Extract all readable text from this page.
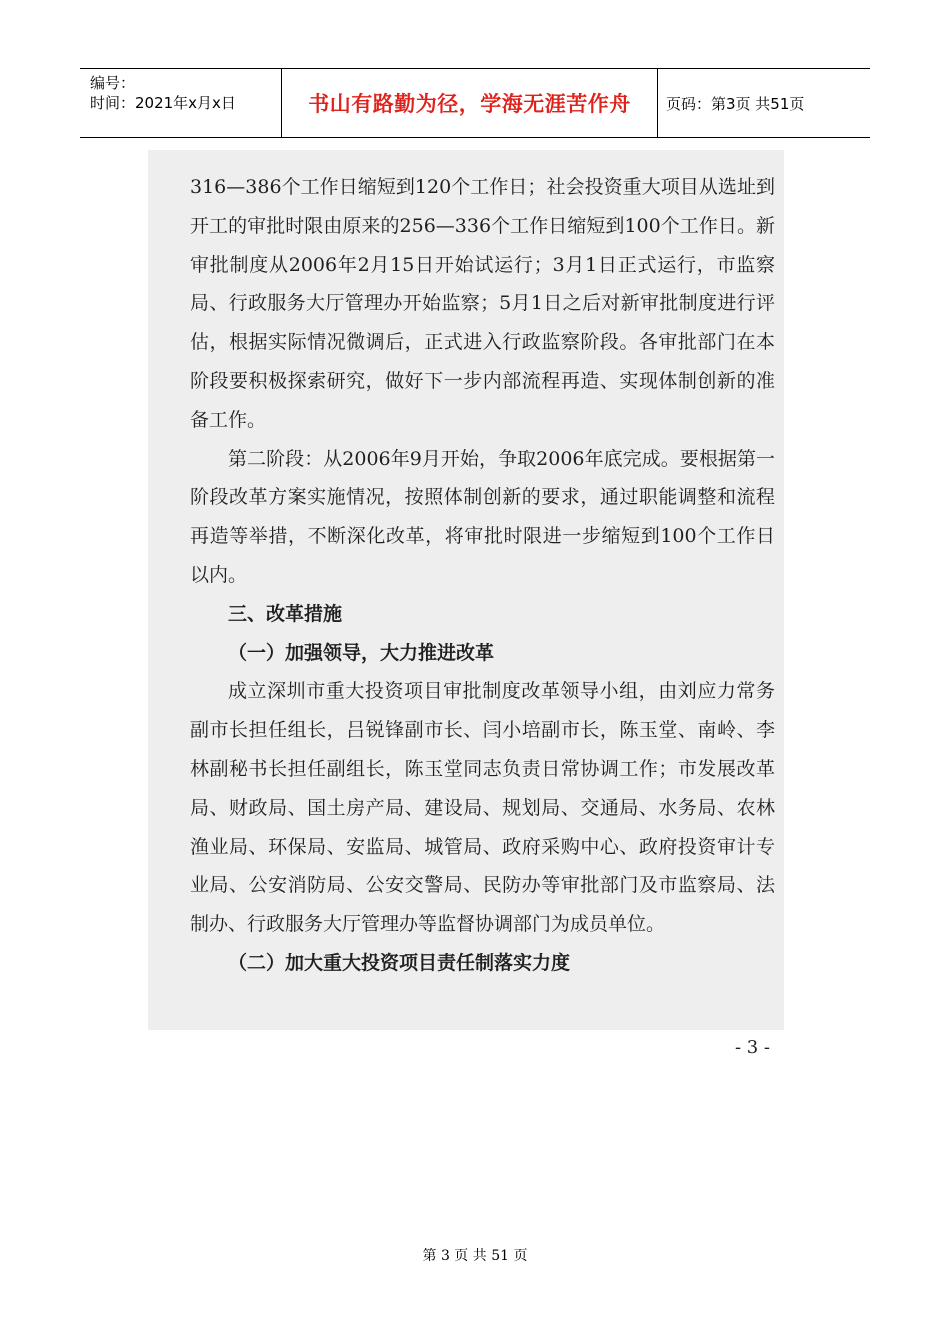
编号：
时间：2021年x月x日	书山有路勤为径，学海无涯苦作舟	页码：第3页 共51页

316—386个工作日缩短到120个工作日；社会投资重大项目从选址到开工的审批时限由原来的256—336个工作日缩短到100个工作日。新审批制度从2006年2月15日开始试运行；3月1日正式运行，市监察局、行政服务大厅管理办开始监察；5月1日之后对新审批制度进行评估，根据实际情况微调后，正式进入行政监察阶段。各审批部门在本阶段要积极探索研究，做好下一步内部流程再造、实现体制创新的准备工作。

第二阶段：从2006年9月开始，争取2006年底完成。要根据第一阶段改革方案实施情况，按照体制创新的要求，通过职能调整和流程再造等举措，不断深化改革，将审批时限进一步缩短到100个工作日以内。

三、改革措施

（一）加强领导，大力推进改革

成立深圳市重大投资项目审批制度改革领导小组，由刘应力常务副市长担任组长，吕锐锋副市长、闫小培副市长，陈玉堂、南岭、李林副秘书长担任副组长，陈玉堂同志负责日常协调工作；市发展改革局、财政局、国土房产局、建设局、规划局、交通局、水务局、农林渔业局、环保局、安监局、城管局、政府采购中心、政府投资审计专业局、公安消防局、公安交警局、民防办等审批部门及市监察局、法制办、行政服务大厅管理办等监督协调部门为成员单位。

（二）加大重大投资项目责任制落实力度

- 3 -
第 3 页 共 51 页
